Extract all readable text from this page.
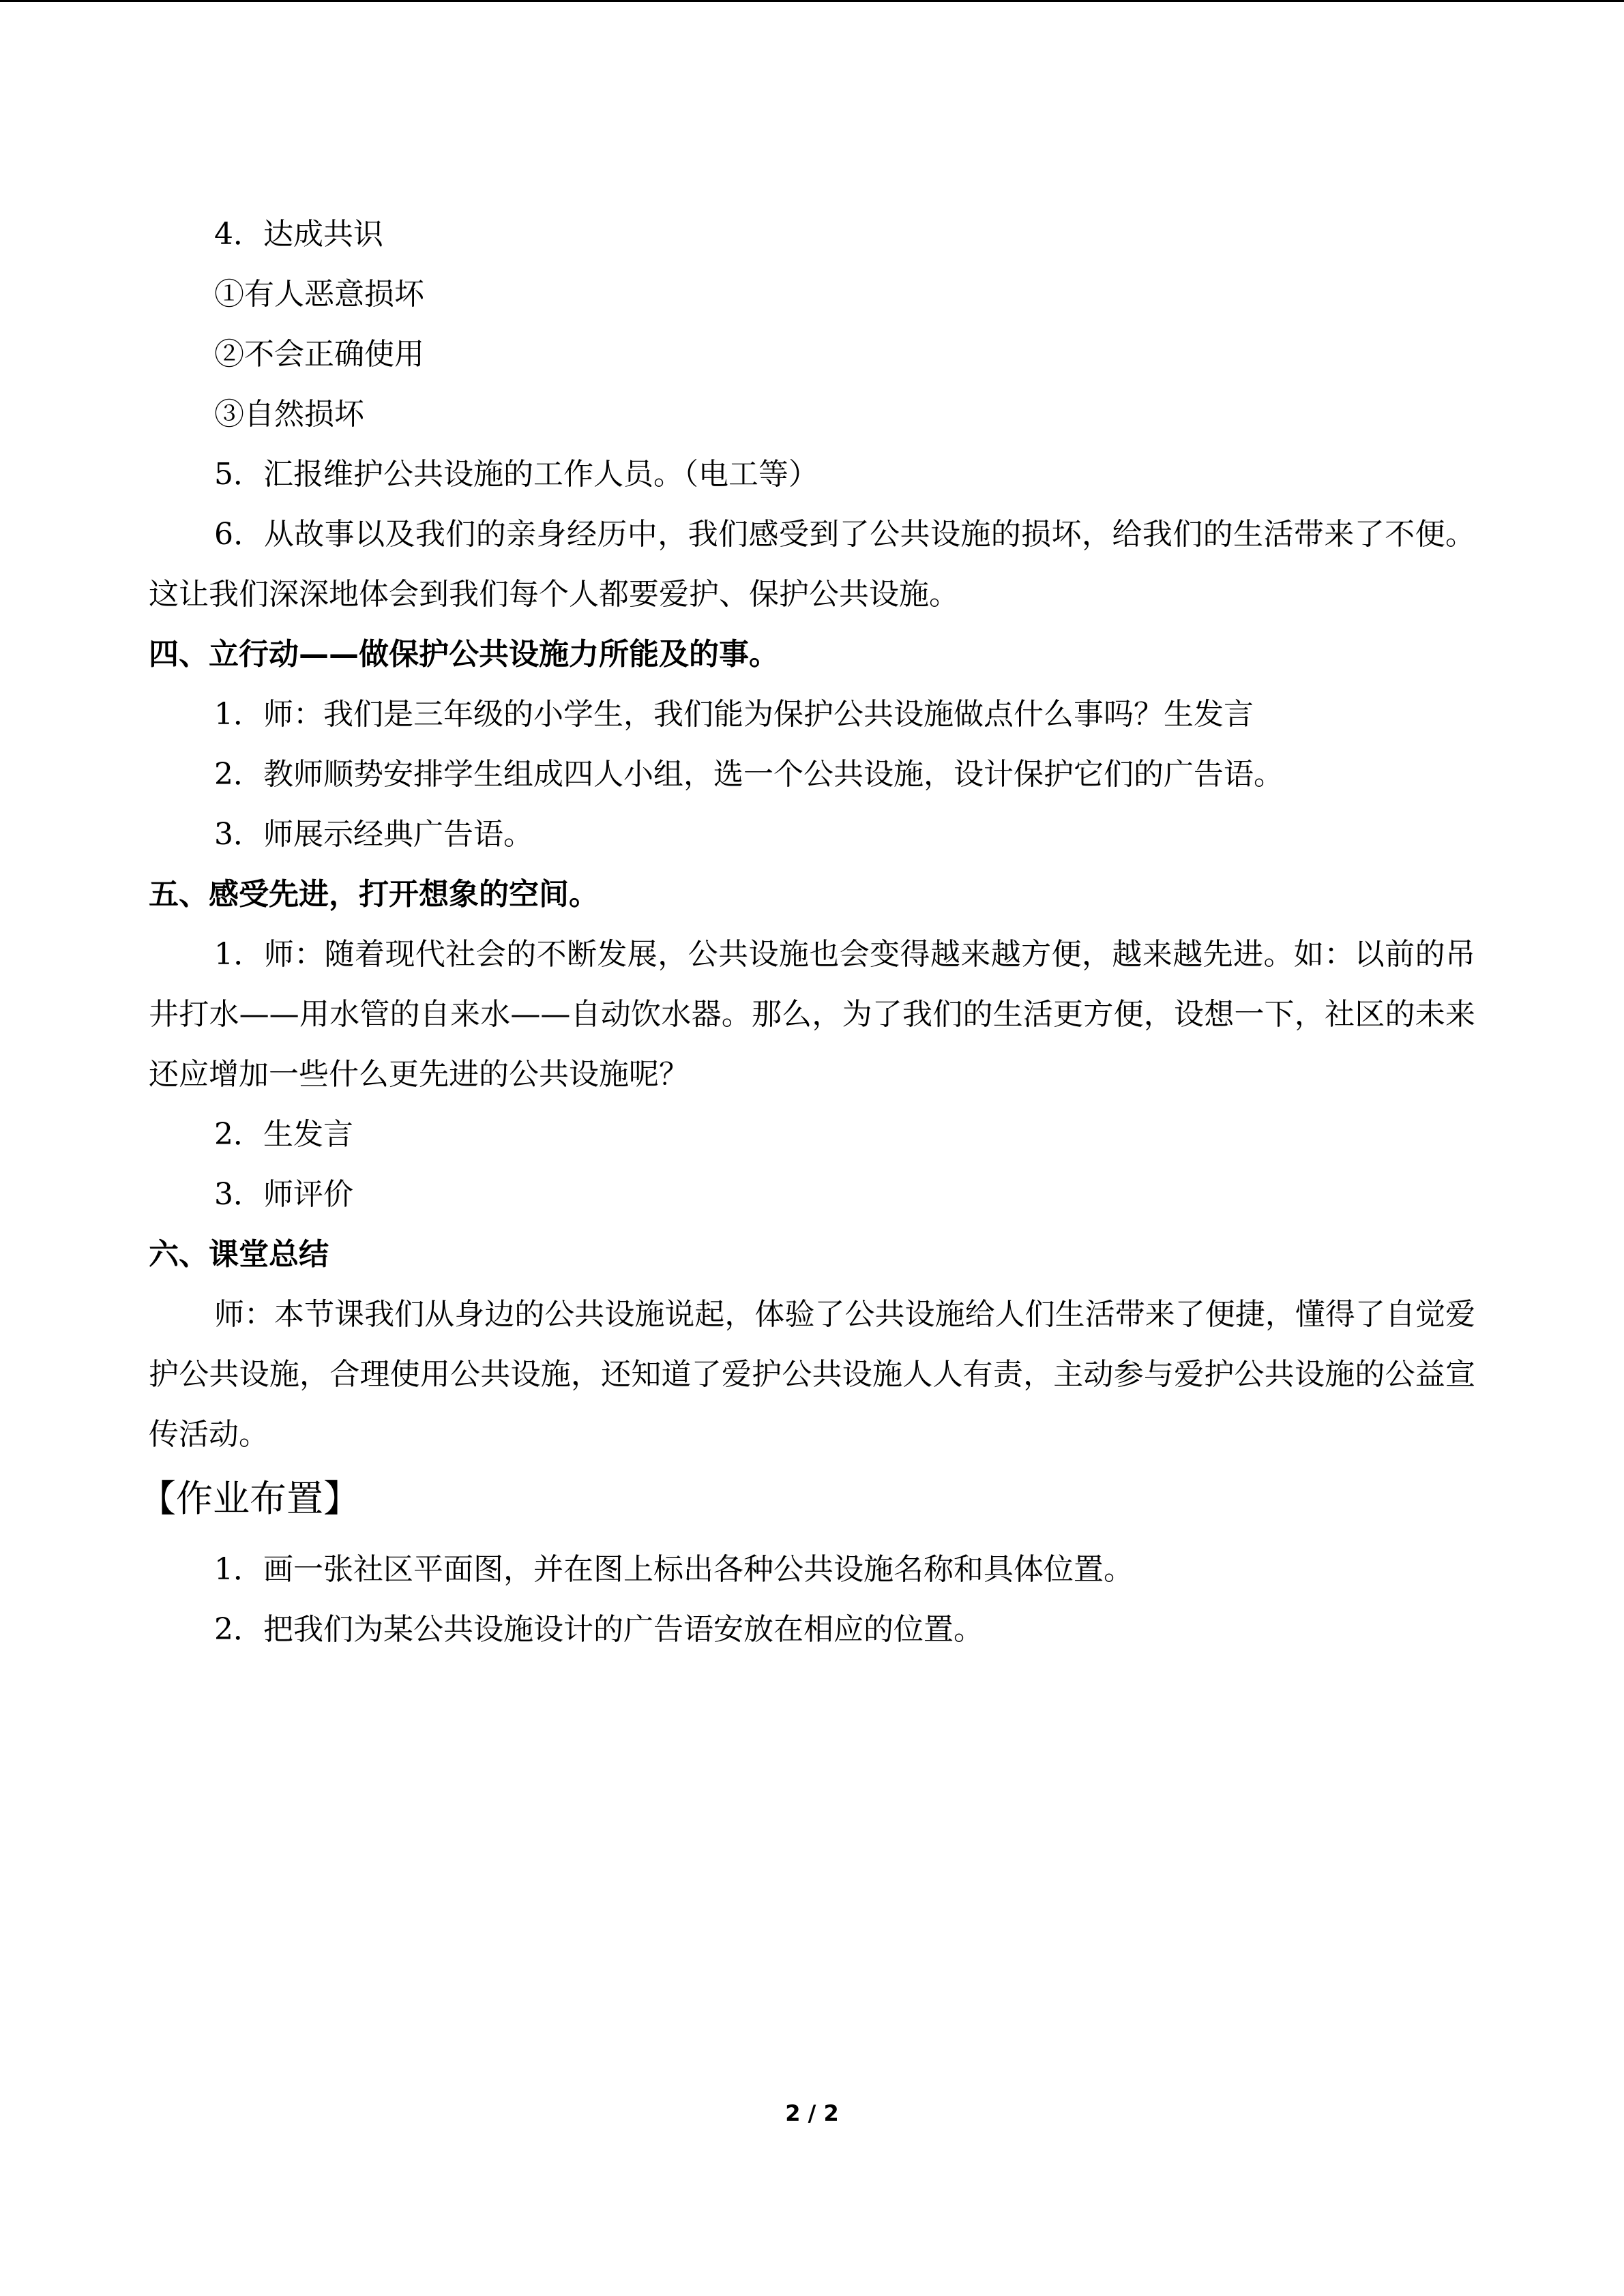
4．达成共识
①有人恶意损坏
②不会正确使用
③自然损坏
5．汇报维护公共设施的工作人员。（电工等）

6．从故事以及我们的亲身经历中，我们感受到了公共设施的损坏，给我们的生活带来了不便。这让我们深深地体会到我们每个人都要爱护、保护公共设施。

四、立行动——做保护公共设施力所能及的事。
1．师：我们是三年级的小学生，我们能为保护公共设施做点什么事吗？生发言
2．教师顺势安排学生组成四人小组，选一个公共设施，设计保护它们的广告语。
3．师展示经典广告语。
五、感受先进，打开想象的空间。

1．师：随着现代社会的不断发展，公共设施也会变得越来越方便，越来越先进。如：以前的吊井打水——用水管的自来水——自动饮水器。那么，为了我们的生活更方便，设想一下，社区的未来还应增加一些什么更先进的公共设施呢？

2．生发言
3．师评价
六、课堂总结

师：本节课我们从身边的公共设施说起，体验了公共设施给人们生活带来了便捷，懂得了自觉爱护公共设施，合理使用公共设施，还知道了爱护公共设施人人有责，主动参与爱护公共设施的公益宣传活动。

【作业布置】
1．画一张社区平面图，并在图上标出各种公共设施名称和具体位置。
2．把我们为某公共设施设计的广告语安放在相应的位置。
2 / 2
